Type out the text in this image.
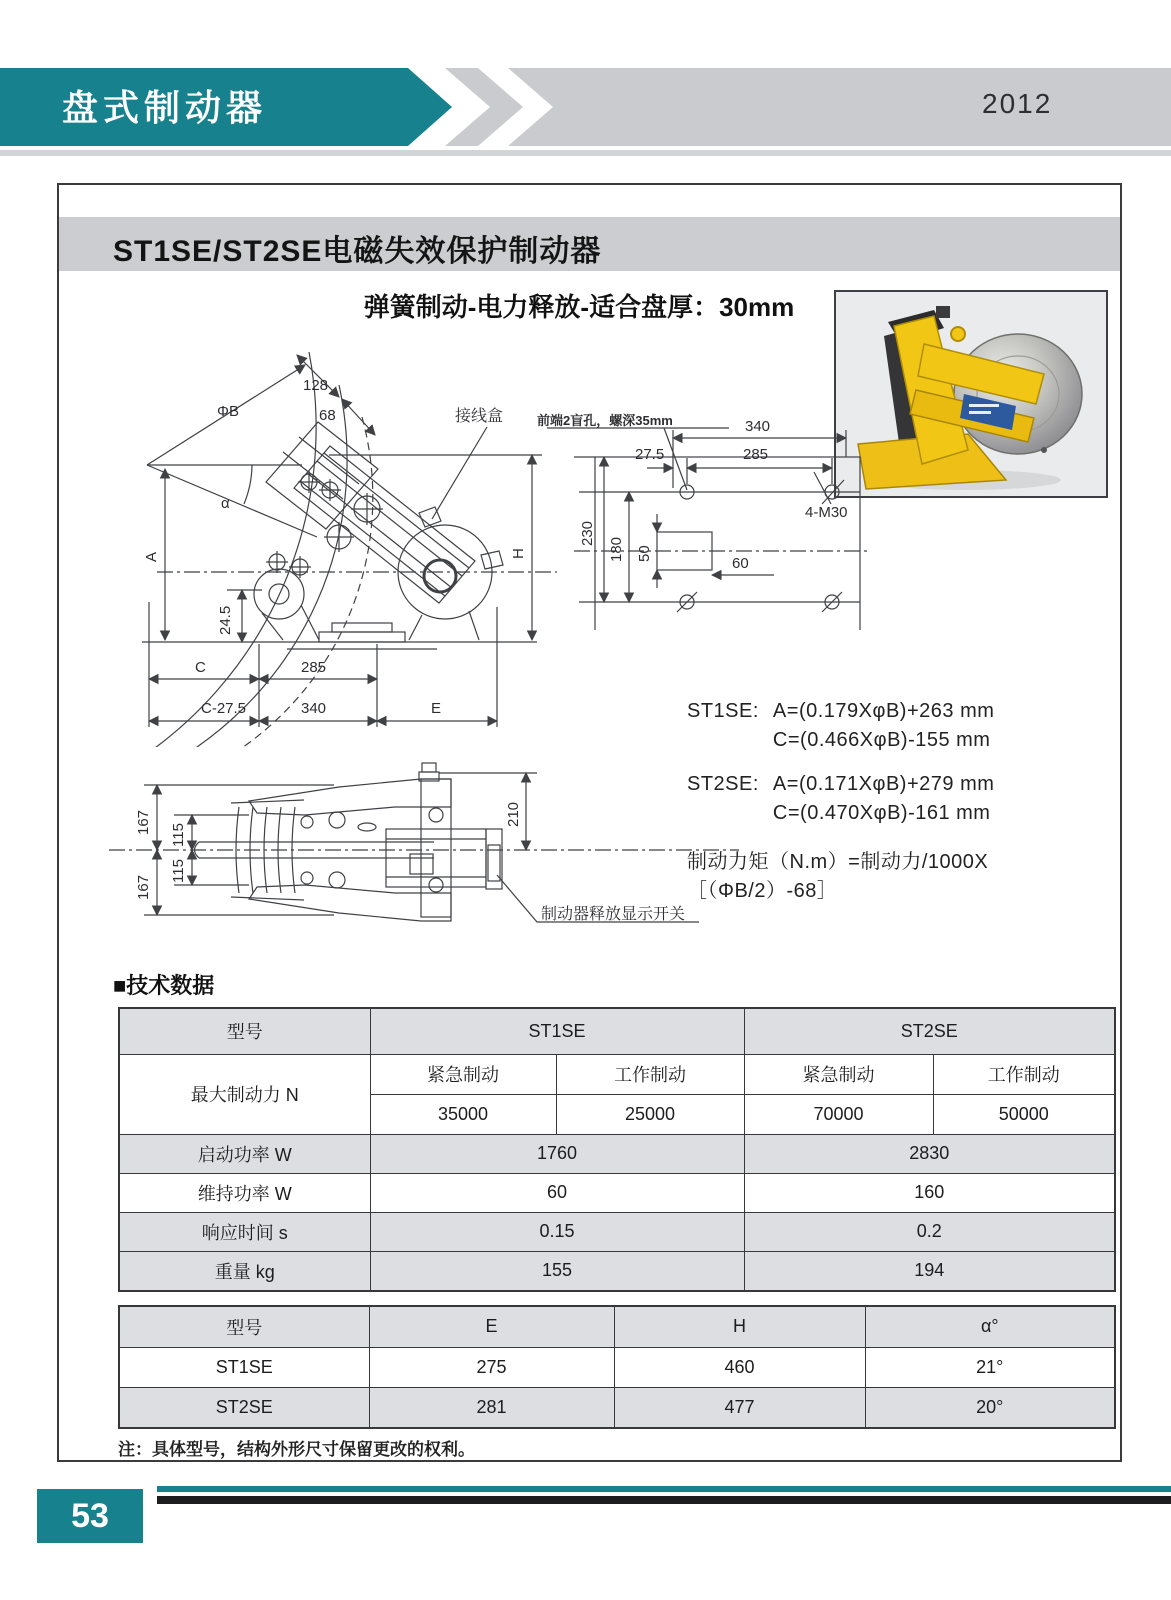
盘式制动器	2012
ST1SE/ST2SE电磁失效保护制动器
弹簧制动-电力释放-适合盘厚：30mm
ΦB
128
68	接线盒
α
A
24.5
H
C	285
C-27.5	340	E
前端2盲孔，螺深35mm	340
27.5	285
230
180 50
60
4-M30
167
115
115
167
210
制动器释放显示开关
ST1SE: A=(0.179XφB)+263 mm
C=(0.466XφB)-155 mm
ST2SE: A=(0.171XφB)+279 mm
C=(0.470XφB)-161 mm
制动力矩（N.m）=制动力/1000X［（ΦB/2）-68］
■技术数据
型号	ST1SE		ST2SE	
最大制动力 N	紧急制动	工作制动	紧急制动	工作制动
	35000	25000	70000	50000
启动功率 W	1760		2830	
维持功率 W	60		160	
响应时间 s	0.15		0.2	
重量 kg	155		194	
型号	E	H	α°
ST1SE	275	460	21°
ST2SE	281	477	20°
注：具体型号，结构外形尺寸保留更改的权利。
53
